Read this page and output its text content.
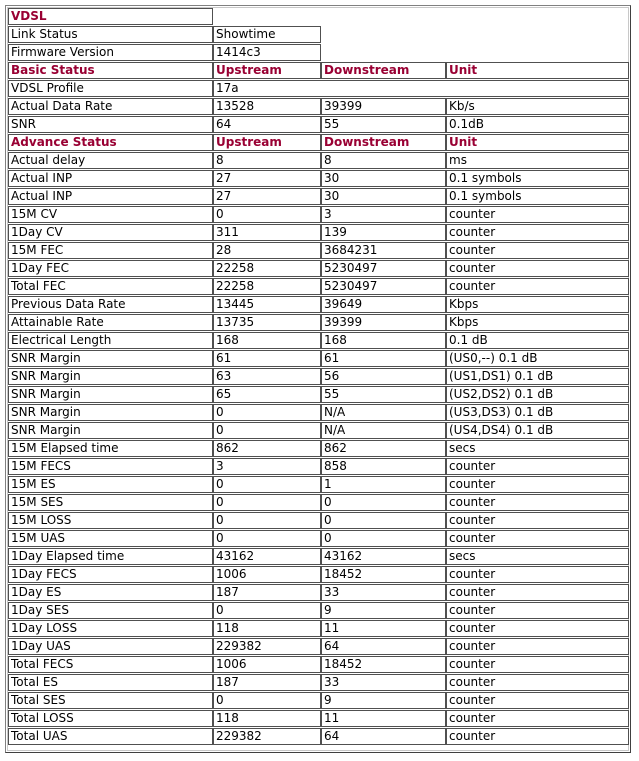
VDSL
Link Status	Showtime
Firmware Version	1414c3
Basic Status	Upstream	Downstream	Unit
VDSL Profile	17a
Actual Data Rate	13528	39399	Kb/s
SNR	64	55	0.1dB
Advance Status	Upstream	Downstream	Unit
Actual delay	8	8	ms
Actual INP	27	30	0.1 symbols
Actual INP	27	30	0.1 symbols
15M CV	0	3	counter
1Day CV	311	139	counter
15M FEC	28	3684231	counter
1Day FEC	22258	5230497	counter
Total FEC	22258	5230497	counter
Previous Data Rate	13445	39649	Kbps
Attainable Rate	13735	39399	Kbps
Electrical Length	168	168	0.1 dB
SNR Margin	61	61	(US0,--) 0.1 dB
SNR Margin	63	56	(US1,DS1) 0.1 dB
SNR Margin	65	55	(US2,DS2) 0.1 dB
SNR Margin	0	N/A	(US3,DS3) 0.1 dB
SNR Margin	0	N/A	(US4,DS4) 0.1 dB
15M Elapsed time	862	862	secs
15M FECS	3	858	counter
15M ES	0	1	counter
15M SES	0	0	counter
15M LOSS	0	0	counter
15M UAS	0	0	counter
1Day Elapsed time	43162	43162	secs
1Day FECS	1006	18452	counter
1Day ES	187	33	counter
1Day SES	0	9	counter
1Day LOSS	118	11	counter
1Day UAS	229382	64	counter
Total FECS	1006	18452	counter
Total ES	187	33	counter
Total SES	0	9	counter
Total LOSS	118	11	counter
Total UAS	229382	64	counter
